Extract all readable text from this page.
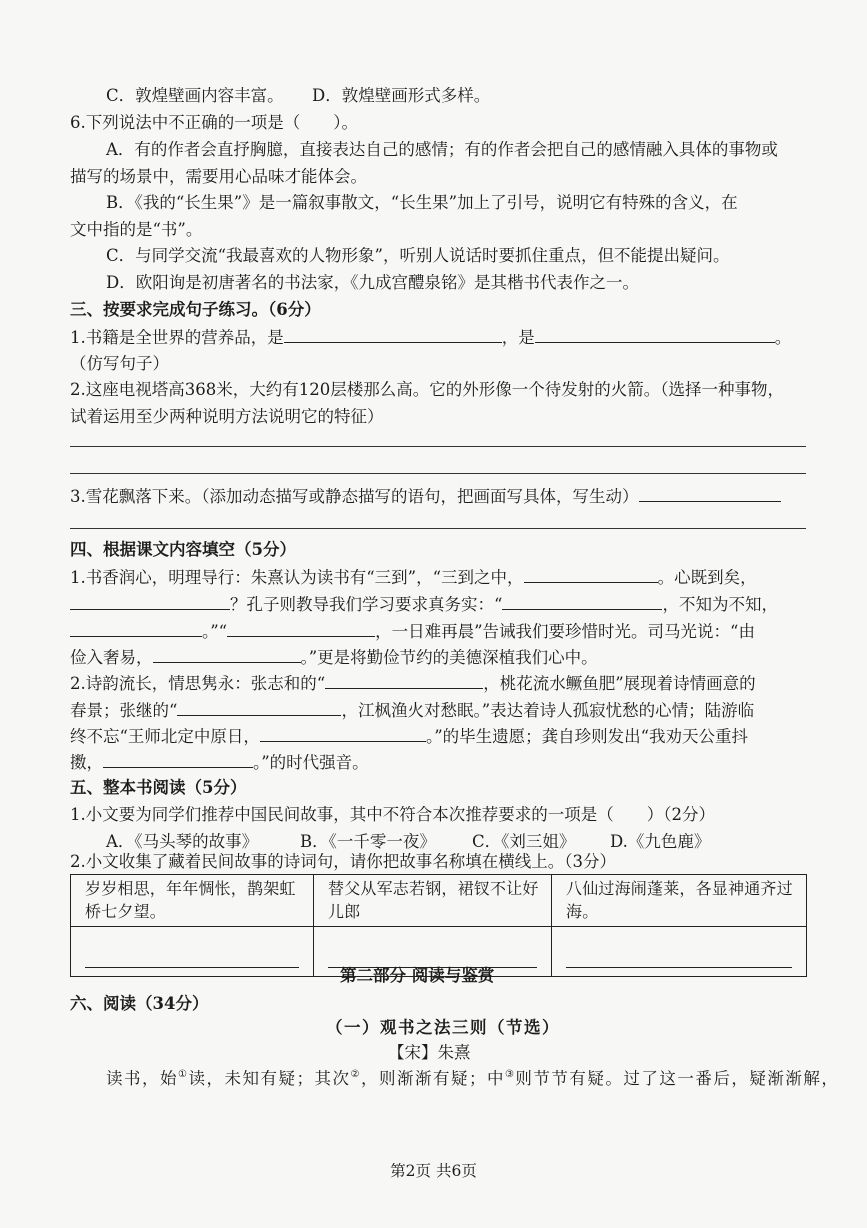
C．敦煌壁画内容丰富。 D．敦煌壁画形式多样。
6.下列说法中不正确的一项是（　　）。
A．有的作者会直抒胸臆，直接表达自己的感情；有的作者会把自己的感情融入具体的事物或
描写的场景中，需要用心品味才能体会。
B．《我的“长生果”》是一篇叙事散文，“长生果”加上了引号，说明它有特殊的含义，在
文中指的是“书”。
C．与同学交流“我最喜欢的人物形象”，听别人说话时要抓住重点，但不能提出疑问。
D．欧阳询是初唐著名的书法家，《九成宫醴泉铭》是其楷书代表作之一。
三、按要求完成句子练习。（6分）
1.书籍是全世界的营养品，是	，是	。
（仿写句子）
2.这座电视塔高368米，大约有120层楼那么高。它的外形像一个待发射的火箭。（选择一种事物，
试着运用至少两种说明方法说明它的特征）
3.雪花飘落下来。（添加动态描写或静态描写的语句，把画面写具体，写生动）
四、根据课文内容填空（5分）
1.书香润心，明理导行：朱熹认为读书有“三到”，“三到之中，	。心既到矣，
？孔子则教导我们学习要求真务实：“	，不知为不知，
。”“	，一日难再晨”告诫我们要珍惜时光。司马光说：“由
俭入奢易，	。”更是将勤俭节约的美德深植我们心中。
2.诗韵流长，情思隽永：张志和的“	，桃花流水鳜鱼肥”展现着诗情画意的
春景；张继的“	，江枫渔火对愁眠。”表达着诗人孤寂忧愁的心情；陆游临
终不忘“王师北定中原日，	。”的毕生遗愿；龚自珍则发出“我劝天公重抖
擞，	。”的时代强音。
五、整本书阅读（5分）
1.小文要为同学们推荐中国民间故事，其中不符合本次推荐要求的一项是（　　）（2分）
A．《马头琴的故事》	B．《一千零一夜》 C．《刘三姐》 D.《九色鹿》
2.小文收集了藏着民间故事的诗词句，请你把故事名称填在横线上。（3分）
岁岁相思，年年惆怅，鹊架虹桥七夕望。	替父从军志若钢，裙钗不让好儿郎	八仙过海闹蓬莱，各显神通齐过海。

第二部分 阅读与鉴赏
六、阅读（34分）
（一）观书之法三则（节选）
【宋】朱熹
读书，始①读，未知有疑；其次②，则渐渐有疑；中③则节节有疑。过了这一番后，疑渐渐解，
第2页 共6页
